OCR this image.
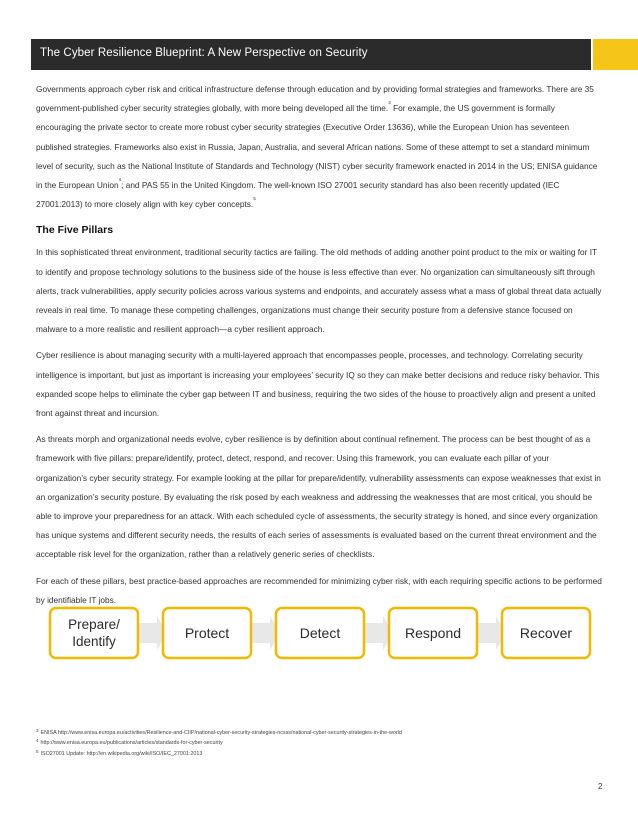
The Cyber Resilience Blueprint: A New Perspective on Security

Governments approach cyber risk and critical infrastructure defense through education and by providing formal strategies and frameworks. There are 35 government-published cyber security strategies globally, with more being developed all the time.$^3$ For example, the US government is formally encouraging the private sector to create more robust cyber security strategies (Executive Order 13636), while the European Union has seventeen published strategies. Frameworks also exist in Russia, Japan, Australia, and several African nations. Some of these attempt to set a standard minimum level of security, such as the National Institute of Standards and Technology (NIST) cyber security framework enacted in 2014 in the US; ENISA guidance in the European Union$^4$; and PAS 55 in the United Kingdom. The well-known ISO 27001 security standard has also been recently updated (IEC 27001:2013) to more closely align with key cyber concepts.$^5$

The Five Pillars

In this sophisticated threat environment, traditional security tactics are failing. The old methods of adding another point product to the mix or waiting for IT to identify and propose technology solutions to the business side of the house is less effective than ever. No organization can simultaneously sift through alerts, track vulnerabilities, apply security policies across various systems and endpoints, and accurately assess what a mass of global threat data actually reveals in real time. To manage these competing challenges, organizations must change their security posture from a defensive stance focused on malware to a more realistic and resilient approach—a cyber resilient approach.

Cyber resilience is about managing security with a multi-layered approach that encompasses people, processes, and technology. Correlating security intelligence is important, but just as important is increasing your employees’ security IQ so they can make better decisions and reduce risky behavior. This expanded scope helps to eliminate the cyber gap between IT and business, requiring the two sides of the house to proactively align and present a united front against threat and incursion.

As threats morph and organizational needs evolve, cyber resilience is by definition about continual refinement. The process can be best thought of as a framework with five pillars: prepare/identify, protect, detect, respond, and recover. Using this framework, you can evaluate each pillar of your organization’s cyber security strategy. For example looking at the pillar for prepare/identify, vulnerability assessments can expose weaknesses that exist in an organization’s security posture. By evaluating the risk posed by each weakness and addressing the weaknesses that are most critical, you should be able to improve your preparedness for an attack. With each scheduled cycle of assessments, the security strategy is honed, and since every organization has unique systems and different security needs, the results of each series of assessments is evaluated based on the current threat environment and the acceptable risk level for the organization, rather than a relatively generic series of checklists.

For each of these pillars, best practice-based approaches are recommended for minimizing cyber risk, with each requiring specific actions to be performed by identifiable IT jobs.

Prepare/
Identify
Protect	Detect	Respond	Recover
$^3$ ENISA http://www.enisa.europa.eu/activities/Resilience-and-CIIP/national-cyber-security-strategies-ncsss/national-cyber-security-strategies-in-the-world
$^4$ http://www.enisa.europa.eu/publications/articles/standards-for-cyber-security
$^5$ ISO27001 Update: http://en.wikipedia.org/wiki/ISO/IEC_27001:2013
2
